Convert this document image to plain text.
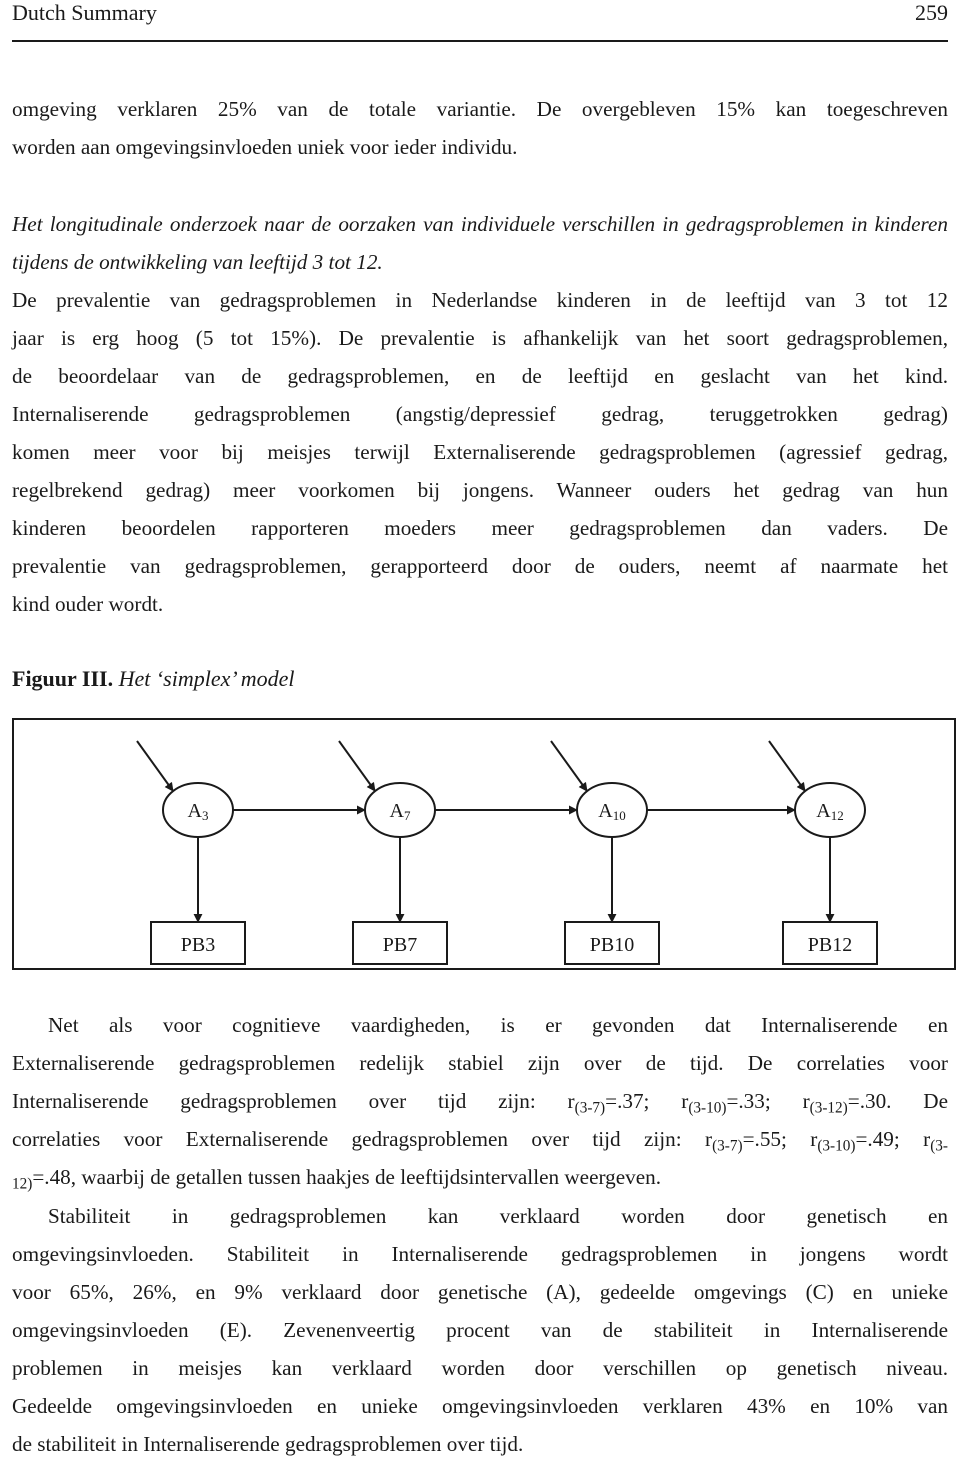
Dutch Summary	259
omgeving verklaren 25% van de totale variantie. De overgebleven 15% kan toegeschreven
worden aan omgevingsinvloeden uniek voor ieder individu.
Het longitudinale onderzoek naar de oorzaken van individuele verschillen in gedragsproblemen in kinderen
tijdens de ontwikkeling van leeftijd 3 tot 12.
De prevalentie van gedragsproblemen in Nederlandse kinderen in de leeftijd van 3 tot 12
jaar is erg hoog (5 tot 15%). De prevalentie is afhankelijk van het soort gedragsproblemen,
de beoordelaar van de gedragsproblemen, en de leeftijd en geslacht van het kind.
Internaliserende gedragsproblemen (angstig/depressief gedrag, teruggetrokken gedrag)
komen meer voor bij meisjes terwijl Externaliserende gedragsproblemen (agressief gedrag,
regelbrekend gedrag) meer voorkomen bij jongens. Wanneer ouders het gedrag van hun
kinderen beoordelen rapporteren moeders meer gedragsproblemen dan vaders. De
prevalentie van gedragsproblemen, gerapporteerd door de ouders, neemt af naarmate het
kind ouder wordt.
Figuur III. Het ‘simplex’ model
A3
PB3
A7
PB7
A10
PB10
A12
PB12
Net als voor cognitieve vaardigheden, is er gevonden dat Internaliserende en
Externaliserende gedragsproblemen redelijk stabiel zijn over de tijd. De correlaties voor
Internaliserende gedragsproblemen over tijd zijn: $r_{(3-7)}=.37$; $r_{(3-10)}=.33$; $r_{(3-12)}=.30$. De
correlaties voor Externaliserende gedragsproblemen over tijd zijn: $r_{(3-7)}=.55$; $r_{(3-10)}=.49$; $r_{(3-}$
$_{12)}$=.48, waarbij de getallen tussen haakjes de leeftijdsintervallen weergeven.
Stabiliteit in gedragsproblemen kan verklaard worden door genetisch en
omgevingsinvloeden. Stabiliteit in Internaliserende gedragsproblemen in jongens wordt
voor 65%, 26%, en 9% verklaard door genetische (A), gedeelde omgevings (C) en unieke
omgevingsinvloeden (E). Zevenenveertig procent van de stabiliteit in Internaliserende
problemen in meisjes kan verklaard worden door verschillen op genetisch niveau.
Gedeelde omgevingsinvloeden en unieke omgevingsinvloeden verklaren 43% en 10% van
de stabiliteit in Internaliserende gedragsproblemen over tijd.
